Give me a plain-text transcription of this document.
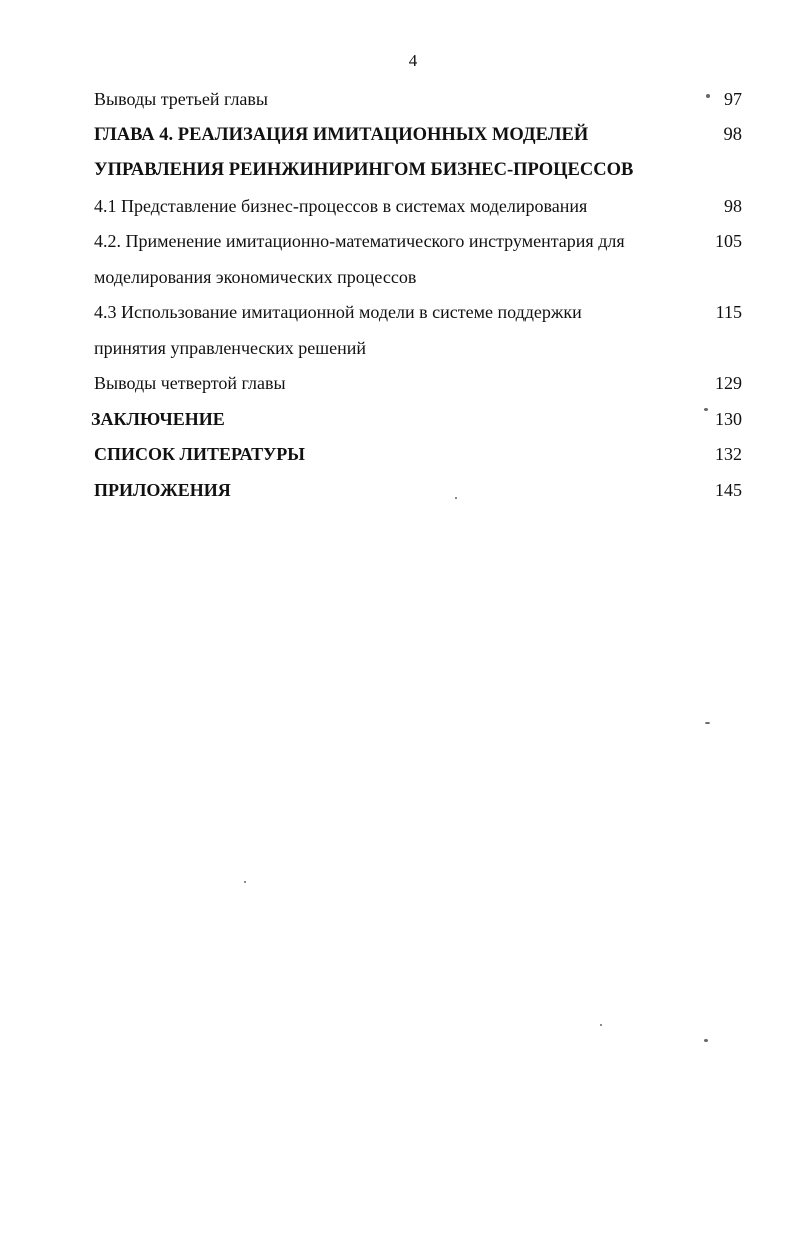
4
Выводы третьей главы	97
ГЛАВА 4. РЕАЛИЗАЦИЯ ИМИТАЦИОННЫХ МОДЕЛЕЙ	98
УПРАВЛЕНИЯ РЕИНЖИНИРИНГОМ БИЗНЕС-ПРОЦЕССОВ
4.1 Представление бизнес-процессов в системах моделирования	98
4.2. Применение имитационно-математического инструментария для	105
моделирования экономических процессов
4.3 Использование имитационной модели в системе поддержки	115
принятия управленческих решений
Выводы четвертой главы	129
ЗАКЛЮЧЕНИЕ	130
СПИСОК ЛИТЕРАТУРЫ	132
ПРИЛОЖЕНИЯ	145
